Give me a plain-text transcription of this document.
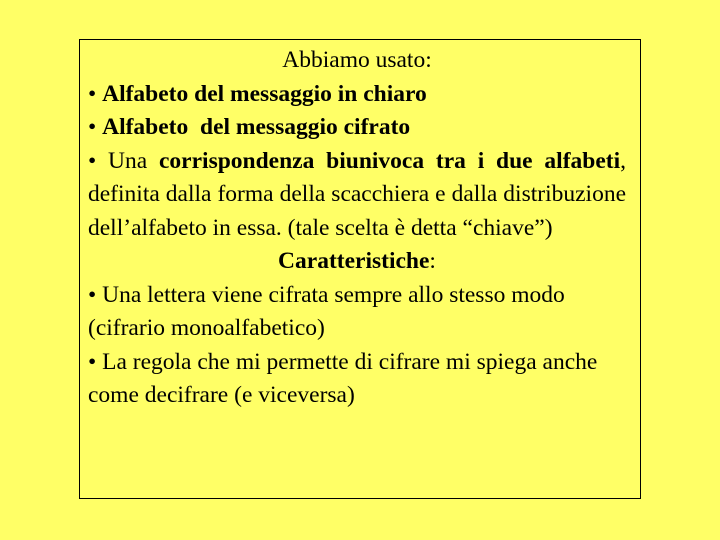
Abbiamo usato:

• Alfabeto del messaggio in chiaro

• Alfabeto  del messaggio cifrato

• Una corrispondenza biunivoca tra i due alfabeti, definita dalla forma della scacchiera e dalla distribuzione dell’alfabeto in essa. (tale scelta è detta “chiave”)

Caratteristiche:

• Una lettera viene cifrata sempre allo stesso modo (cifrario monoalfabetico)

• La regola che mi permette di cifrare mi spiega anche come decifrare (e viceversa)
